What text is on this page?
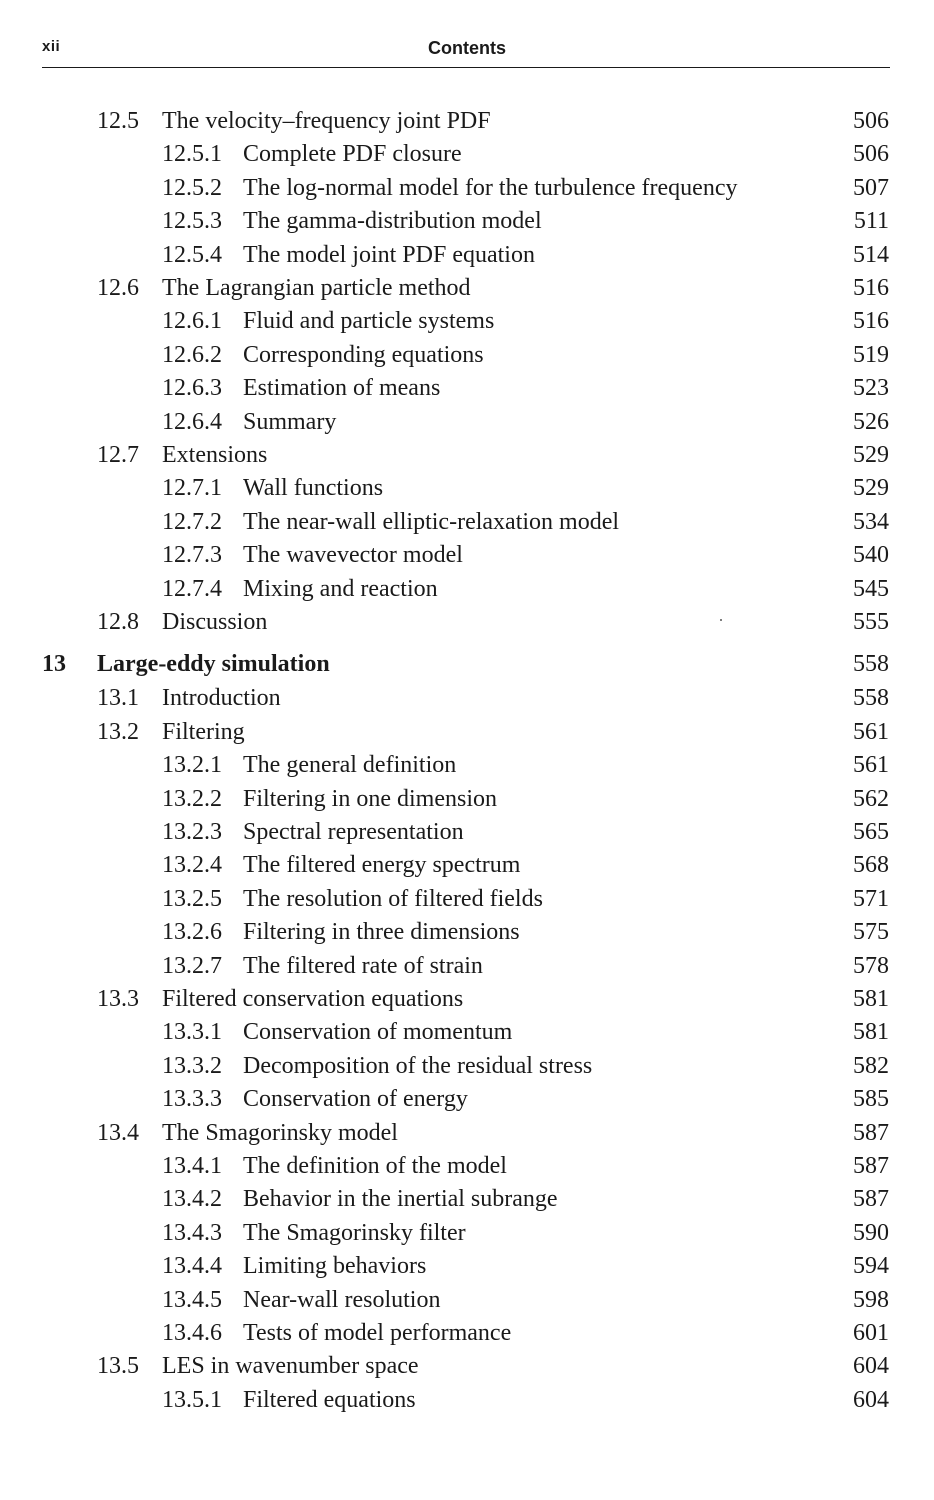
xii	Contents
12.5 The velocity–frequency joint PDF	506
12.5.1 Complete PDF closure	506
12.5.2 The log-normal model for the turbulence frequency	507
12.5.3 The gamma-distribution model	511
12.5.4 The model joint PDF equation	514
12.6 The Lagrangian particle method	516
12.6.1 Fluid and particle systems	516
12.6.2 Corresponding equations	519
12.6.3 Estimation of means	523
12.6.4 Summary	526
12.7 Extensions	529
12.7.1 Wall functions	529
12.7.2 The near-wall elliptic-relaxation model	534
12.7.3 The wavevector model	540
12.7.4 Mixing and reaction	545
12.8 Discussion	555
13 Large-eddy simulation	558
13.1 Introduction	558
13.2 Filtering	561
13.2.1 The general definition	561
13.2.2 Filtering in one dimension	562
13.2.3 Spectral representation	565
13.2.4 The filtered energy spectrum	568
13.2.5 The resolution of filtered fields	571
13.2.6 Filtering in three dimensions	575
13.2.7 The filtered rate of strain	578
13.3 Filtered conservation equations	581
13.3.1 Conservation of momentum	581
13.3.2 Decomposition of the residual stress	582
13.3.3 Conservation of energy	585
13.4 The Smagorinsky model	587
13.4.1 The definition of the model	587
13.4.2 Behavior in the inertial subrange	587
13.4.3 The Smagorinsky filter	590
13.4.4 Limiting behaviors	594
13.4.5 Near-wall resolution	598
13.4.6 Tests of model performance	601
13.5 LES in wavenumber space	604
13.5.1 Filtered equations	604
